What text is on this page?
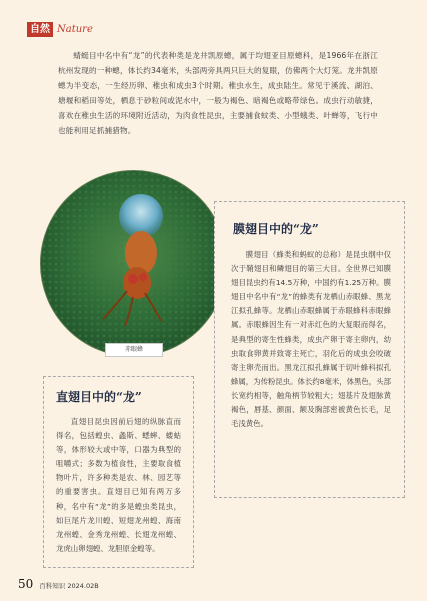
自然 Nature

蜻蜓目中名中有“龙”的代表种类是龙井凯原蟌，属于均翅亚目原蟌科，是1966年在浙江杭州发现的一种蟌，体长约34毫米，头部两旁具两只巨大的复眼，仿佛两个大灯笼。龙井凯原蟌为半变态，一生经历卵、稚虫和成虫3个时期。稚虫水生，成虫陆生。常见于溪流、湖泊、塘堰和稻田等处，栖息于砂粒间或泥水中，一般为褐色、暗褐色或略带绿色。成虫行动敏捷，喜欢在稚虫生活的环境附近活动，为肉食性昆虫，主要捕食蚊类、小型蛾类、叶蝉等，飞行中也能利用足抓捕猎物。

赤眼蜂
膜翅目中的“龙”

膜翅目（蜂类和蚂蚁的总称）是昆虫纲中仅次于鞘翅目和鳞翅目的第三大目。全世界已知膜翅目昆虫约有14.5万种，中国约有1.25万种。膜翅目中名中有“龙”的蜂类有龙栖山赤眼蜂、黑龙江拟孔蜂等。龙栖山赤眼蜂属于赤眼蜂科赤眼蜂属。赤眼蜂因生有一对赤红色的大复眼而得名，是典型的寄生性蜂类，成虫产卵于寄主卵内，幼虫取食卵黄并致寄主死亡，羽化后的成虫会咬破寄主卵壳而出。黑龙江拟孔蜂属于切叶蜂科拟孔蜂属，为传粉昆虫。体长约8毫米，体黑色，头部长宽约相等，触角柄节较粗大；翅基片及翅脉黄褐色，唇基、颜面、额及胸部密被黄色长毛，足毛浅黄色。

直翅目中的“龙”

直翅目昆虫因前后翅的纵脉直而得名，包括蝗虫、螽斯、蟋蟀、蝼蛄等，体形较大或中等，口器为典型的咀嚼式；多数为植食性，主要取食植物叶片，许多种类是农、林、园艺等的重要害虫。直翅目已知有两万多种，名中有“龙”的多是蝗虫类昆虫，如巨尾片龙川蝗、短翅龙州蝗、海南龙州蝗、金秀龙州蝗、长翅龙州蝗、龙虎山卵翅蝗、龙胆原金蝗等。

50 百科知识 2024.02B
